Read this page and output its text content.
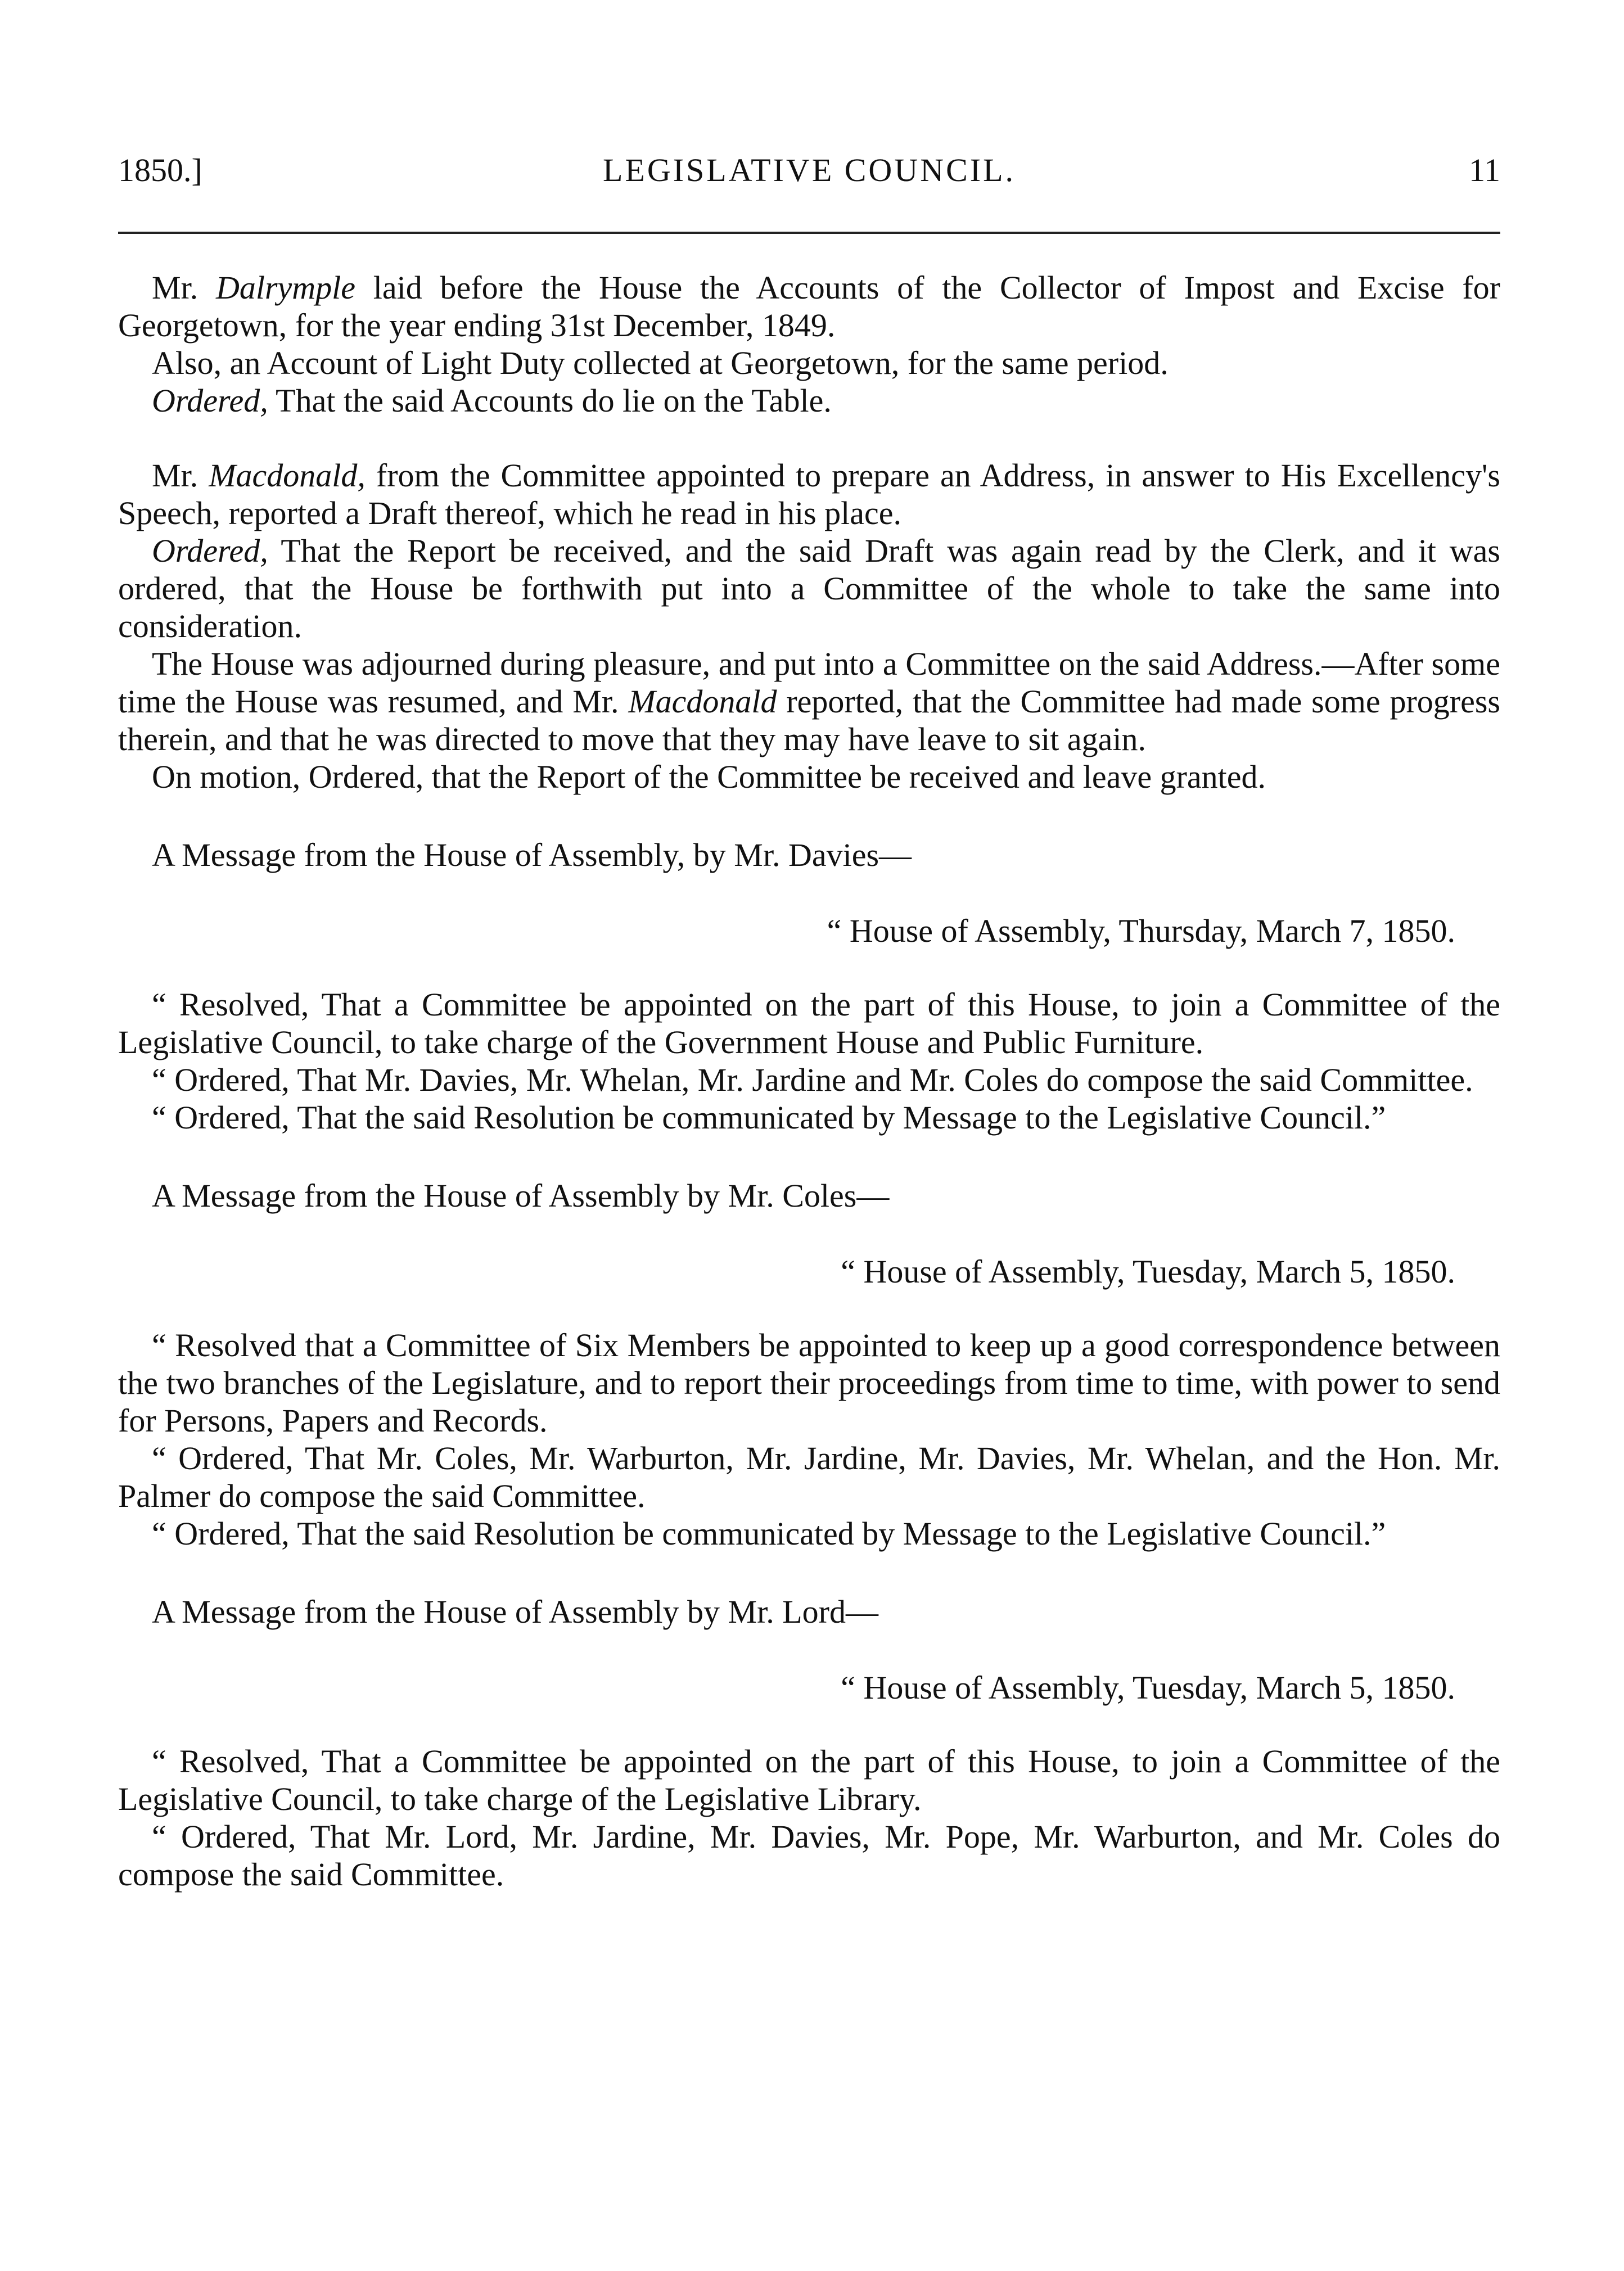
1850.]	LEGISLATIVE COUNCIL.	11

Mr. Dalrymple laid before the House the Accounts of the Collector of Impost and Excise for Georgetown, for the year ending 31st December, 1849.

Also, an Account of Light Duty collected at Georgetown, for the same period.

Ordered, That the said Accounts do lie on the Table.

Mr. Macdonald, from the Committee appointed to prepare an Address, in answer to His Excellency's Speech, reported a Draft thereof, which he read in his place.

Ordered, That the Report be received, and the said Draft was again read by the Clerk, and it was ordered, that the House be forthwith put into a Committee of the whole to take the same into consideration.

The House was adjourned during pleasure, and put into a Committee on the said Address.—After some time the House was resumed, and Mr. Macdonald reported, that the Committee had made some progress therein, and that he was directed to move that they may have leave to sit again.

On motion, Ordered, that the Report of the Committee be received and leave granted.

A Message from the House of Assembly, by Mr. Davies—

“ House of Assembly, Thursday, March 7, 1850.

“ Resolved, That a Committee be appointed on the part of this House, to join a Committee of the Legislative Council, to take charge of the Government House and Public Furniture.

“ Ordered, That Mr. Davies, Mr. Whelan, Mr. Jardine and Mr. Coles do compose the said Committee.

“ Ordered, That the said Resolution be communicated by Message to the Legislative Council.”

A Message from the House of Assembly by Mr. Coles—

“ House of Assembly, Tuesday, March 5, 1850.

“ Resolved that a Committee of Six Members be appointed to keep up a good correspondence between the two branches of the Legislature, and to report their proceedings from time to time, with power to send for Persons, Papers and Records.

“ Ordered, That Mr. Coles, Mr. Warburton, Mr. Jardine, Mr. Davies, Mr. Whelan, and the Hon. Mr. Palmer do compose the said Committee.

“ Ordered, That the said Resolution be communicated by Message to the Legislative Council.”

A Message from the House of Assembly by Mr. Lord—

“ House of Assembly, Tuesday, March 5, 1850.

“ Resolved, That a Committee be appointed on the part of this House, to join a Committee of the Legislative Council, to take charge of the Legislative Library.

“ Ordered, That Mr. Lord, Mr. Jardine, Mr. Davies, Mr. Pope, Mr. Warburton, and Mr. Coles do compose the said Committee.
